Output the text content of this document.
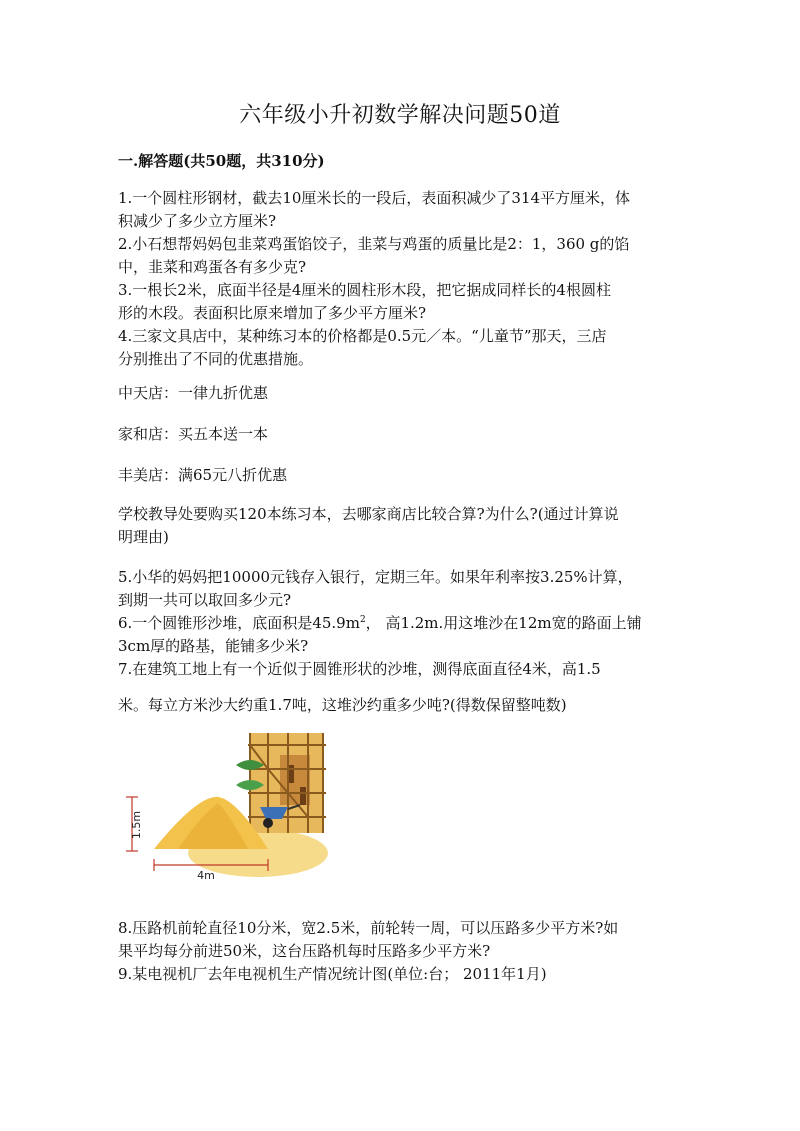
六年级小升初数学解决问题50道
一.解答题(共50题，共310分)
1.一个圆柱形钢材，截去10厘米长的一段后，表面积减少了314平方厘米，体
积减少了多少立方厘米?
2.小石想帮妈妈包韭菜鸡蛋馅饺子，韭菜与鸡蛋的质量比是2：1，360 g的馅
中，韭菜和鸡蛋各有多少克?
3.一根长2米，底面半径是4厘米的圆柱形木段，把它据成同样长的4根圆柱
形的木段。表面积比原来增加了多少平方厘米?
4.三家文具店中，某种练习本的价格都是0.5元／本。“儿童节”那天，三店
分别推出了不同的优惠措施。
中天店：一律九折优惠
家和店：买五本送一本
丰美店：满65元八折优惠
学校教导处要购买120本练习本，去哪家商店比较合算?为什么?(通过计算说
明理由)
5.小华的妈妈把10000元钱存入银行，定期三年。如果年利率按3.25%计算，
到期一共可以取回多少元?
6.一个圆锥形沙堆，底面积是$45.9m^2$， 高1.2m.用这堆沙在12m宽的路面上铺
3cm厚的路基，能铺多少米?
7.在建筑工地上有一个近似于圆锥形状的沙堆，测得底面直径4米，高1.5
米。每立方米沙大约重1.7吨，这堆沙约重多少吨?(得数保留整吨数)
1.5m
4m
8.压路机前轮直径10分米，宽2.5米，前轮转一周，可以压路多少平方米?如
果平均每分前进50米，这台压路机每时压路多少平方米?
9.某电视机厂去年电视机生产情况统计图(单位:台； 2011年1月)
